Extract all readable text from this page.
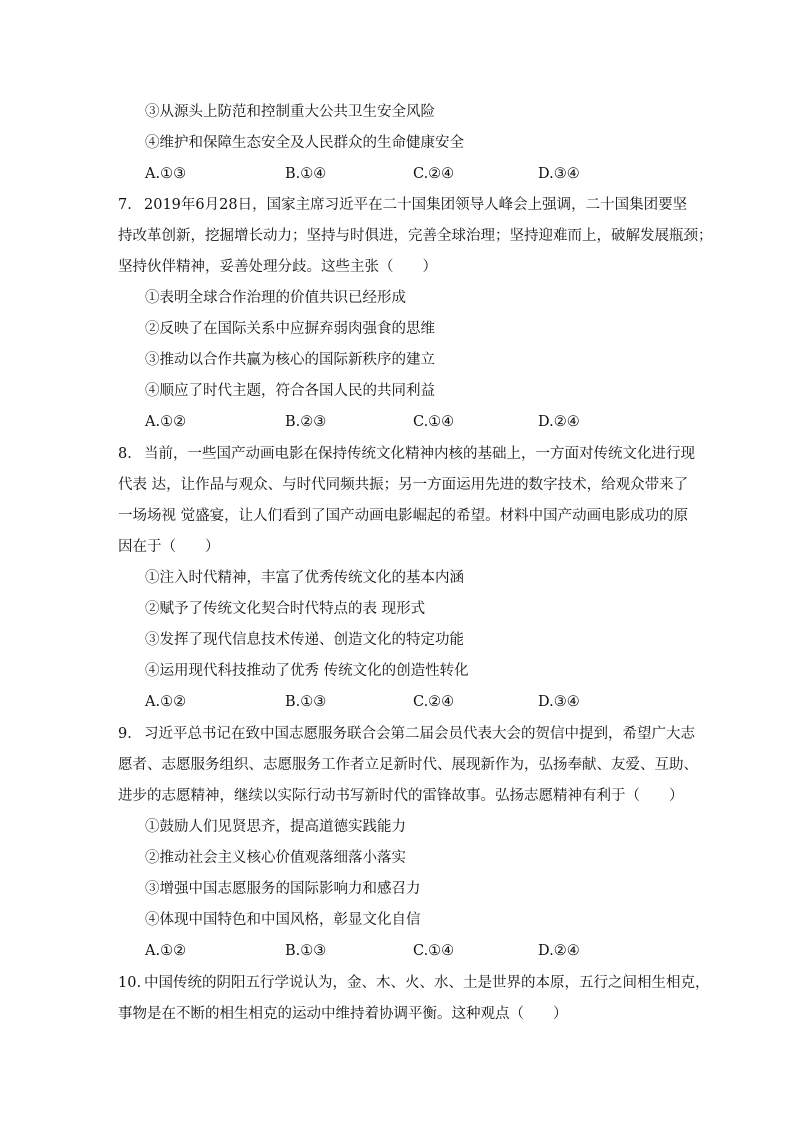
③从源头上防范和控制重大公共卫生安全风险
④维护和保障生态安全及人民群众的生命健康安全
A.①③	B.①④	C.②④	D.③④
7. 2019年6月28日，国家主席习近平在二十国集团领导人峰会上强调，二十国集团要坚
持改革创新，挖掘增长动力；坚持与时俱进，完善全球治理；坚持迎难而上，破解发展瓶颈；
坚持伙伴精神，妥善处理分歧。这些主张（　　）
①表明全球合作治理的价值共识已经形成
②反映了在国际关系中应摒弃弱肉强食的思维
③推动以合作共赢为核心的国际新秩序的建立
④顺应了时代主题，符合各国人民的共同利益
A.①②	B.②③	C.①④	D.②④
8. 当前，一些国产动画电影在保持传统文化精神内核的基础上，一方面对传统文化进行现
代表 达，让作品与观众、与时代同频共振；另一方面运用先进的数字技术，给观众带来了
一场场视 觉盛宴，让人们看到了国产动画电影崛起的希望。材料中国产动画电影成功的原
因在于（　　）
①注入时代精神，丰富了优秀传统文化的基本内涵
②赋予了传统文化契合时代特点的表 现形式
③发挥了现代信息技术传递、创造文化的特定功能
④运用现代科技推动了优秀 传统文化的创造性转化
A.①②	B.①③	C.②④	D.③④
9. 习近平总书记在致中国志愿服务联合会第二届会员代表大会的贺信中提到，希望广大志
愿者、志愿服务组织、志愿服务工作者立足新时代、展现新作为，弘扬奉献、友爱、互助、
进步的志愿精神，继续以实际行动书写新时代的雷锋故事。弘扬志愿精神有利于（　　）
①鼓励人们见贤思齐，提高道德实践能力
②推动社会主义核心价值观落细落小落实
③增强中国志愿服务的国际影响力和感召力
④体现中国特色和中国风格，彰显文化自信
A.①②	B.①③	C.①④	D.②④
10. 中国传统的阴阳五行学说认为，金、木、火、水、土是世界的本原，五行之间相生相克，
事物是在不断的相生相克的运动中维持着协调平衡。这种观点（　　）
